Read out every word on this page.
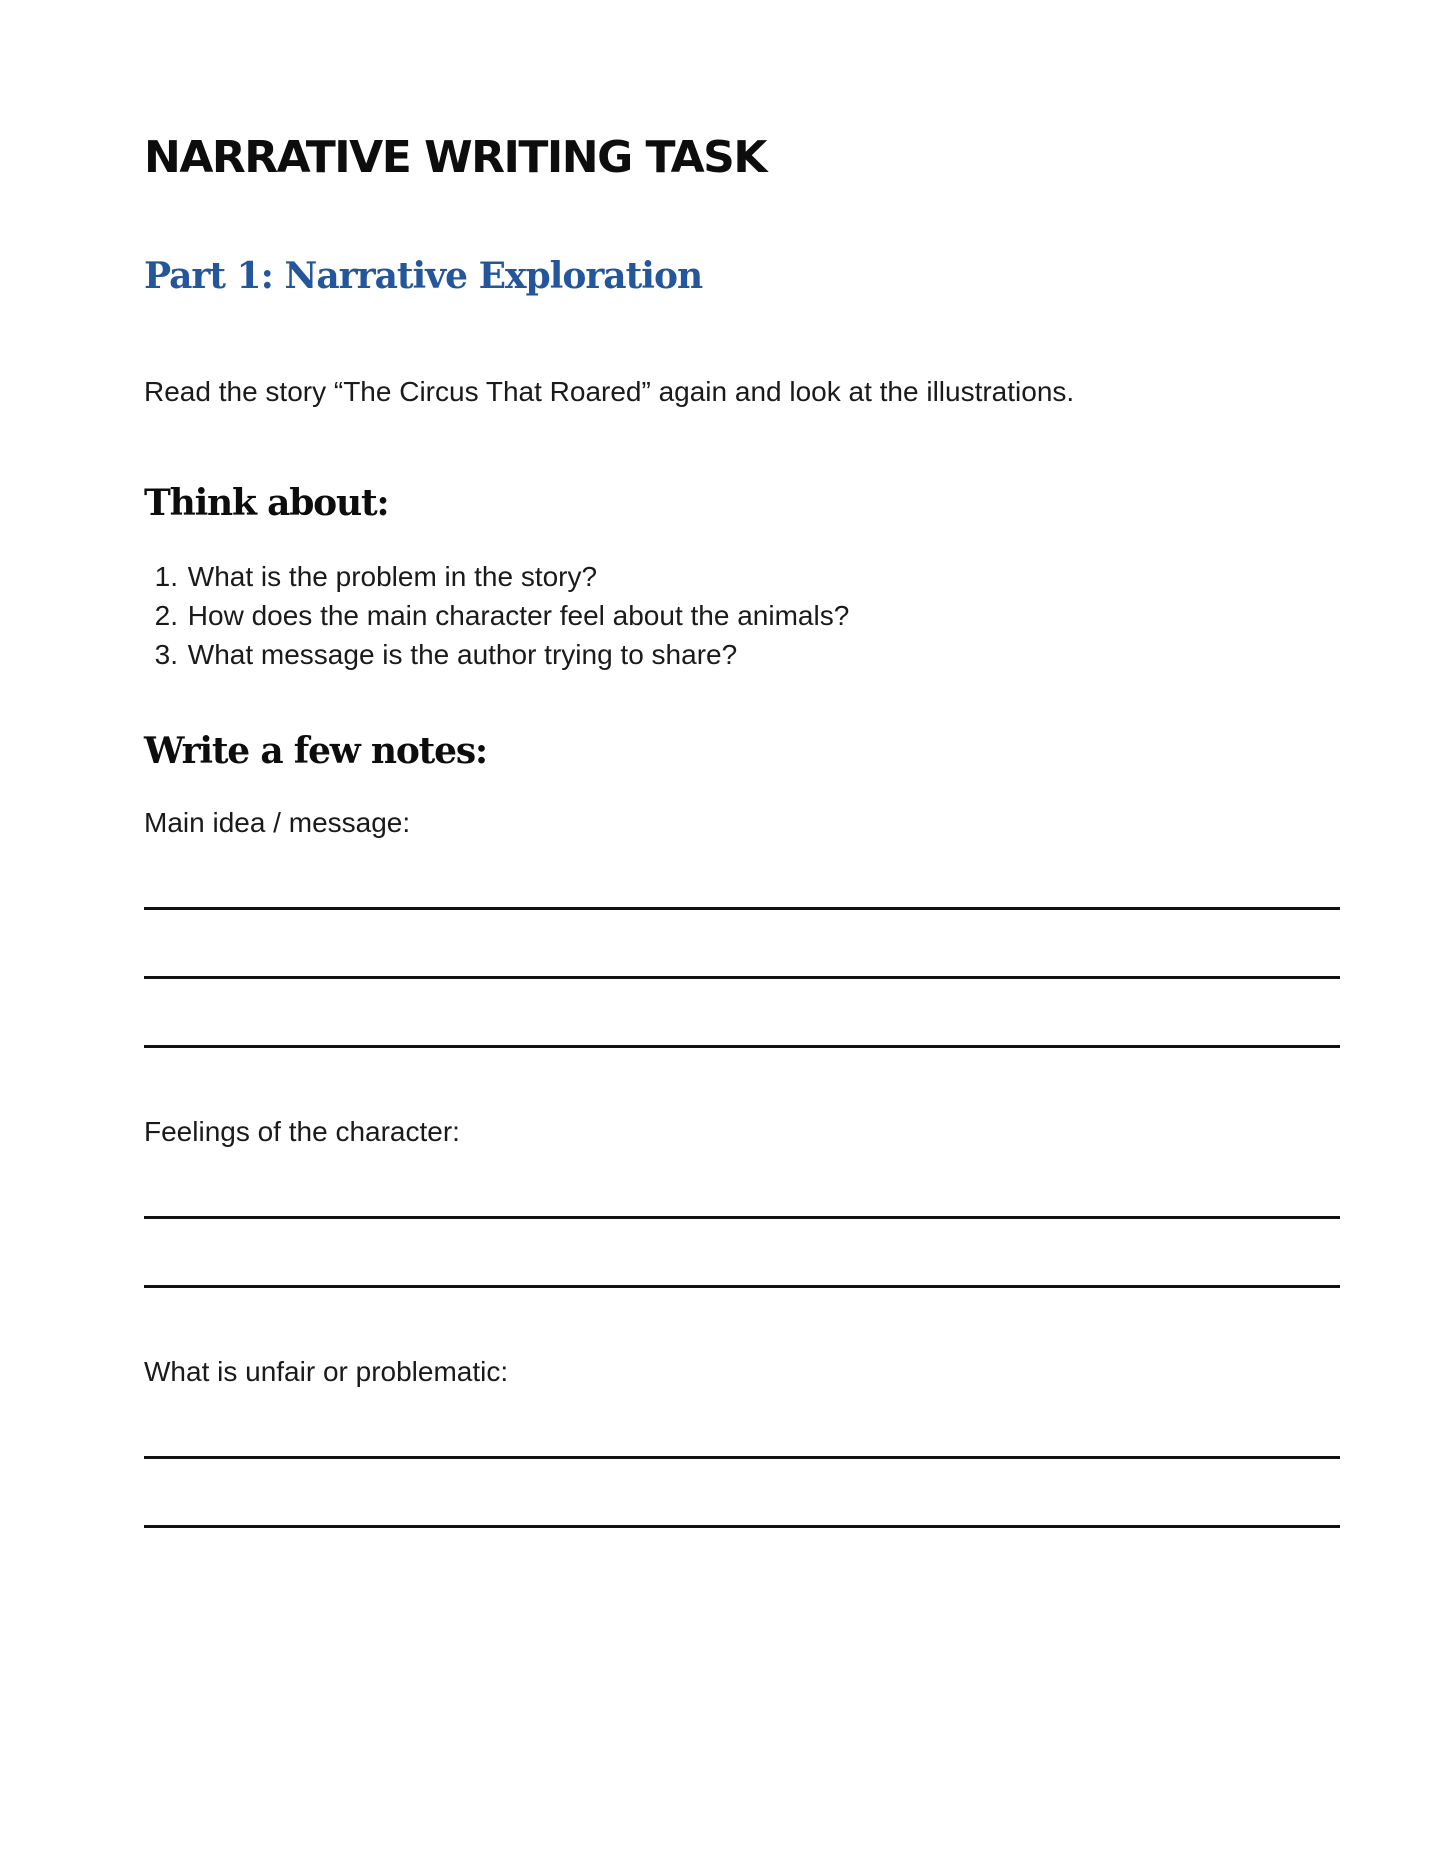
NARRATIVE WRITING TASK
Part 1: Narrative Exploration
Read the story “The Circus That Roared” again and look at the illustrations.
Think about:
1. What is the problem in the story?
2. How does the main character feel about the animals?
3. What message is the author trying to share?
Write a few notes:
Main idea / message:
Feelings of the character:
What is unfair or problematic:
